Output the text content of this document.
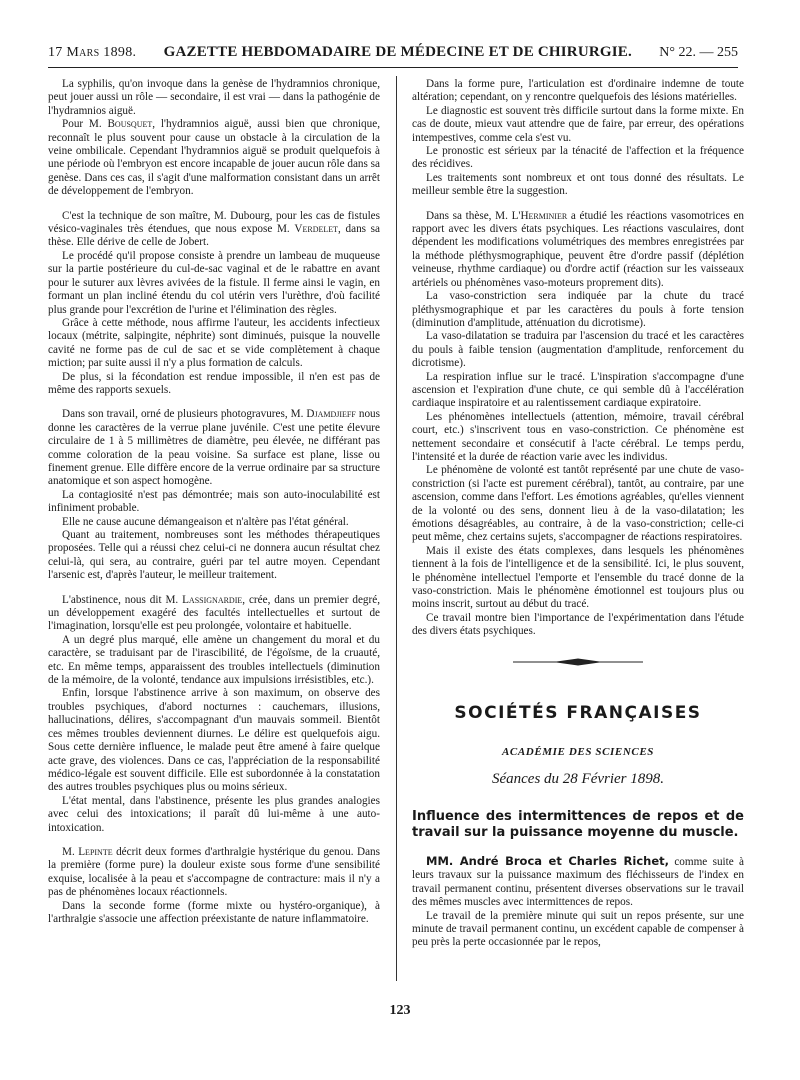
17 Mars 1898. GAZETTE HEBDOMADAIRE DE MÉDECINE ET DE CHIRURGIE. N° 22. — 255

La syphilis, qu'on invoque dans la genèse de l'hydramnios chronique, peut jouer aussi un rôle — secondaire, il est vrai — dans la pathogénie de l'hydramnios aiguë.

Pour M. Bousquet, l'hydramnios aiguë, aussi bien que chronique, reconnaît le plus souvent pour cause un obstacle à la circulation de la veine ombilicale. Cependant l'hydramnios aiguë se produit quelquefois à une période où l'embryon est encore incapable de jouer aucun rôle dans sa genèse. Dans ces cas, il s'agit d'une malformation consistant dans un arrêt de développement de l'embryon.

C'est la technique de son maître, M. Dubourg, pour les cas de fistules vésico-vaginales très étendues, que nous expose M. Verdelet, dans sa thèse. Elle dérive de celle de Jobert.

Le procédé qu'il propose consiste à prendre un lambeau de muqueuse sur la partie postérieure du cul-de-sac vaginal et de le rabattre en avant pour le suturer aux lèvres avivées de la fistule. Il ferme ainsi le vagin, en formant un plan incliné étendu du col utérin vers l'urèthre, d'où facilité plus grande pour l'excrétion de l'urine et l'élimination des règles.

Grâce à cette méthode, nous affirme l'auteur, les accidents infectieux locaux (métrite, salpingite, néphrite) sont diminués, puisque la nouvelle cavité ne forme pas de cul de sac et se vide complètement à chaque miction; par suite aussi il n'y a plus formation de calculs.

De plus, si la fécondation est rendue impossible, il n'en est pas de même des rapports sexuels.

Dans son travail, orné de plusieurs photogravures, M. Djamdjieff nous donne les caractères de la verrue plane juvénile. C'est une petite élevure circulaire de 1 à 5 millimètres de diamètre, peu élevée, ne différant pas comme coloration de la peau voisine. Sa surface est plane, lisse ou finement grenue. Elle diffère encore de la verrue ordinaire par sa structure anatomique et son aspect homogène.

La contagiosité n'est pas démontrée; mais son auto-inoculabilité est infiniment probable.

Elle ne cause aucune démangeaison et n'altère pas l'état général.

Quant au traitement, nombreuses sont les méthodes thérapeutiques proposées. Telle qui a réussi chez celui-ci ne donnera aucun résultat chez celui-là, qui sera, au contraire, guéri par tel autre moyen. Cependant l'arsenic est, d'après l'auteur, le meilleur traitement.

L'abstinence, nous dit M. Lassignardie, crée, dans un premier degré, un développement exagéré des facultés intellectuelles et surtout de l'imagination, lorsqu'elle est peu prolongée, volontaire et habituelle.

A un degré plus marqué, elle amène un changement du moral et du caractère, se traduisant par de l'irascibilité, de l'égoïsme, de la cruauté, etc. En même temps, apparaissent des troubles intellectuels (diminution de la mémoire, de la volonté, tendance aux impulsions irrésistibles, etc.).

Enfin, lorsque l'abstinence arrive à son maximum, on observe des troubles psychiques, d'abord nocturnes : cauchemars, illusions, hallucinations, délires, s'accompagnant d'un mauvais sommeil. Bientôt ces mêmes troubles deviennent diurnes. Le délire est quelquefois aigu. Sous cette dernière influence, le malade peut être amené à faire quelque acte grave, des violences. Dans ce cas, l'appréciation de la responsabilité médico-légale est souvent difficile. Elle est subordonnée à la constatation des autres troubles psychiques plus ou moins sérieux.

L'état mental, dans l'abstinence, présente les plus grandes analogies avec celui des intoxications; il paraît dû lui-même à une auto-intoxication.

M. Lepinte décrit deux formes d'arthralgie hystérique du genou. Dans la première (forme pure) la douleur existe sous forme d'une sensibilité exquise, localisée à la peau et s'accompagne de contracture: mais il n'y a pas de phénomènes locaux réactionnels.

Dans la seconde forme (forme mixte ou hystéro-organique), à l'arthralgie s'associe une affection préexistante de nature inflammatoire.

Dans la forme pure, l'articulation est d'ordinaire indemne de toute altération; cependant, on y rencontre quelquefois des lésions matérielles.

Le diagnostic est souvent très difficile surtout dans la forme mixte. En cas de doute, mieux vaut attendre que de faire, par erreur, des opérations intempestives, comme cela s'est vu.

Le pronostic est sérieux par la ténacité de l'affection et la fréquence des récidives.

Les traitements sont nombreux et ont tous donné des résultats. Le meilleur semble être la suggestion.

Dans sa thèse, M. L'Herminier a étudié les réactions vasomotrices en rapport avec les divers états psychiques. Les réactions vasculaires, dont dépendent les modifications volumétriques des membres enregistrées par la méthode pléthysmographique, peuvent être d'ordre passif (déplétion veineuse, rhythme cardiaque) ou d'ordre actif (réaction sur les vaisseaux artériels ou phénomènes vaso-moteurs proprement dits).

La vaso-constriction sera indiquée par la chute du tracé pléthysmographique et par les caractères du pouls à forte tension (diminution d'amplitude, atténuation du dicrotisme).

La vaso-dilatation se traduira par l'ascension du tracé et les caractères du pouls à faible tension (augmentation d'amplitude, renforcement du dicrotisme).

La respiration influe sur le tracé. L'inspiration s'accompagne d'une ascension et l'expiration d'une chute, ce qui semble dû à l'accélération cardiaque inspiratoire et au ralentissement cardiaque expiratoire.

Les phénomènes intellectuels (attention, mémoire, travail cérébral court, etc.) s'inscrivent tous en vaso-constriction. Ce phénomène est nettement secondaire et consécutif à l'acte cérébral. Le temps perdu, l'intensité et la durée de réaction varie avec les individus.

Le phénomène de volonté est tantôt représenté par une chute de vaso-constriction (si l'acte est purement cérébral), tantôt, au contraire, par une ascension, comme dans l'effort. Les émotions agréables, qu'elles viennent de la volonté ou des sens, donnent lieu à de la vaso-dilatation; les émotions désagréables, au contraire, à de la vaso-constriction; celle-ci peut même, chez certains sujets, s'accompagner de réactions respiratoires.

Mais il existe des états complexes, dans lesquels les phénomènes tiennent à la fois de l'intelligence et de la sensibilité. Ici, le plus souvent, le phénomène intellectuel l'emporte et l'ensemble du tracé donne de la vaso-constriction. Mais le phénomène émotionnel est toujours plus ou moins inscrit, surtout au début du tracé.

Ce travail montre bien l'importance de l'expérimentation dans l'étude des divers états psychiques.

SOCIÉTÉS FRANÇAISES
ACADÉMIE DES SCIENCES
Séances du 28 Février 1898.
Influence des intermittences de repos et de travail sur la puissance moyenne du muscle.

MM. André Broca et Charles Richet, comme suite à leurs travaux sur la puissance maximum des fléchisseurs de l'index en travail permanent continu, présentent diverses observations sur le travail des mêmes muscles avec intermittences de repos.

Le travail de la première minute qui suit un repos présente, sur une minute de travail permanent continu, un excédent capable de compenser à peu près la perte occasionnée par le repos,

123
